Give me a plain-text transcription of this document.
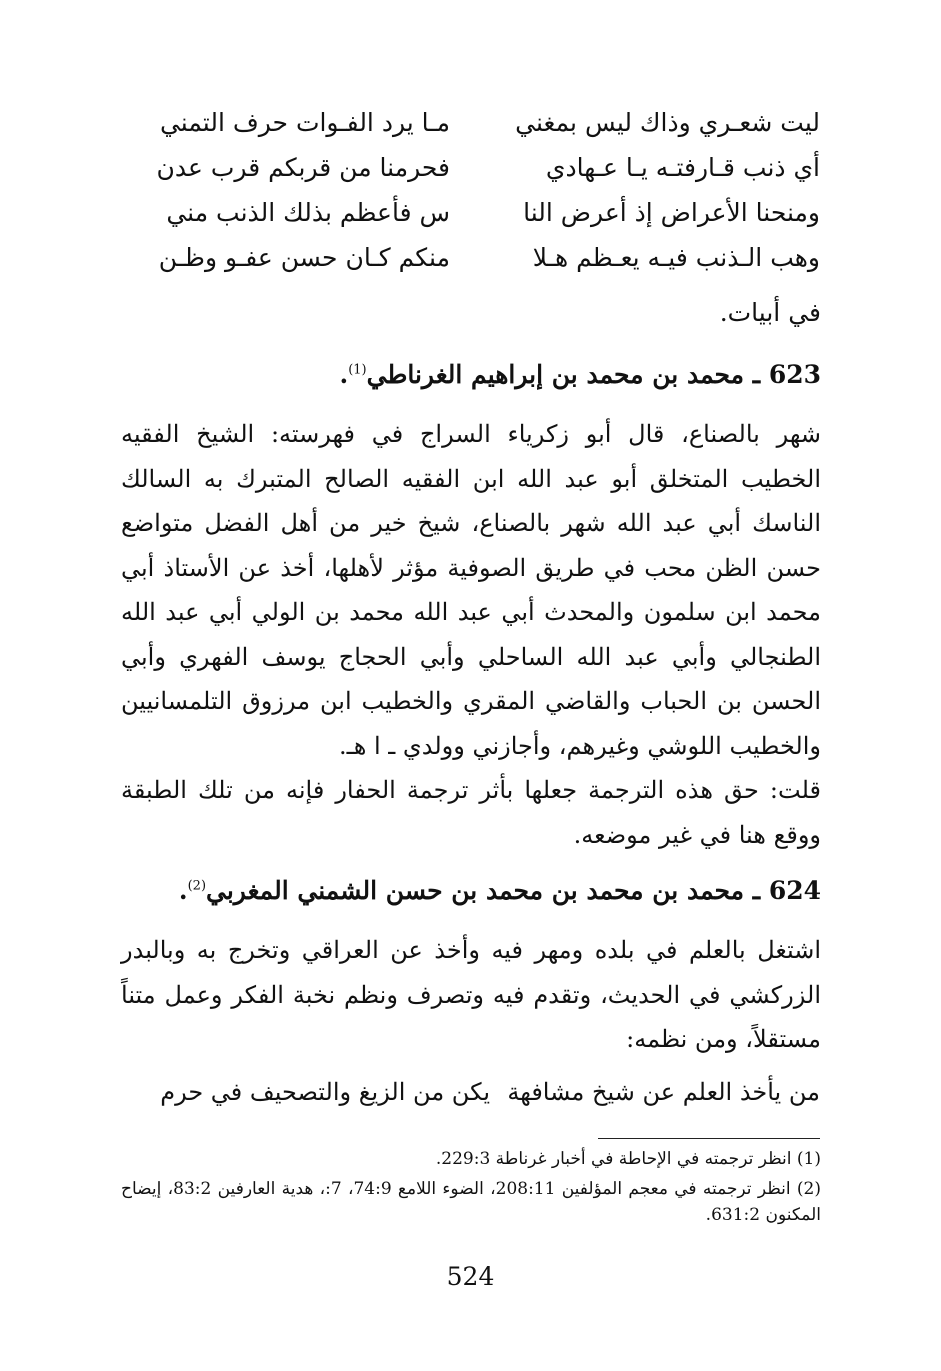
ليت شعـري وذاك ليس بمغني
مـا يرد الفـوات حرف التمني
أي ذنب قـارفتـه يـا عـهادي
فحرمنا من قربكم قرب عدن
ومنحنا الأعراض إذ أعرض النا
س فأعظم بذلك الذنب مني
وهب الـذنب فيـه يعـظم هـلا
منكم كـان حسن عفـو وظـن
في أبيات.
623 ـ محمد بن محمد بن إبراهيم الغرناطي$^{(1)}$.
شهر بالصناع، قال أبو زكرياء السراج في فهرسته: الشيخ الفقيه الخطيب المتخلق أبو عبد الله ابن الفقيه الصالح المتبرك به السالك الناسك أبي عبد الله شهر بالصناع، شيخ خير من أهل الفضل متواضع حسن الظن محب في طريق الصوفية مؤثر لأهلها، أخذ عن الأستاذ أبي محمد ابن سلمون والمحدث أبي عبد الله محمد بن الولي أبي عبد الله الطنجالي وأبي عبد الله الساحلي وأبي الحجاج يوسف الفهري وأبي الحسن بن الحباب والقاضي المقري والخطيب ابن مرزوق التلمسانيين والخطيب اللوشي وغيرهم، وأجازني وولدي ـ ا هـ.
قلت: حق هذه الترجمة جعلها بأثر ترجمة الحفار فإنه من تلك الطبقة ووقع هنا في غير موضعه.
624 ـ محمد بن محمد بن محمد بن حسن الشمني المغربي$^{(2)}$.
اشتغل بالعلم في بلده ومهر فيه وأخذ عن العراقي وتخرج به وبالبدر الزركشي في الحديث، وتقدم فيه وتصرف ونظم نخبة الفكر وعمل متناً مستقلاً، ومن نظمه:
من يأخذ العلم عن شيخ مشافهة
يكن من الزيغ والتصحيف في حرم
(1) انظر ترجمته في الإحاطة في أخبار غرناطة 229:3.
(2) انظر ترجمته في معجم المؤلفين 208:11، الضوء اللامع 74:9، 7:، هدية العارفين 83:2، إيضاح المكنون 631:2.
524
